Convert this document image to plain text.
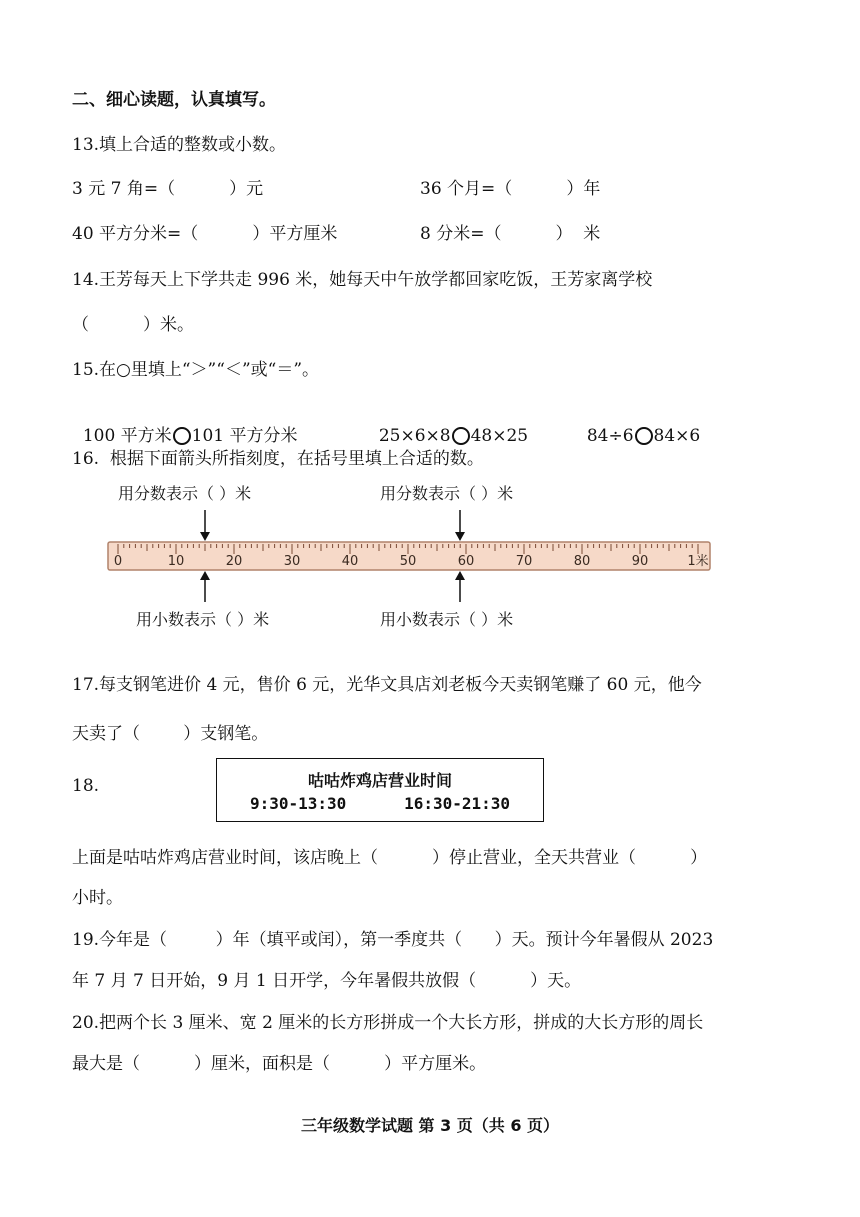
二、细心读题，认真填写。
13.填上合适的整数或小数。
3 元 7 角=（          ）元	36 个月=（          ）年
40 平方分米=（          ）平方厘米	8 分米=（          ）  米
14.王芳每天上下学共走 996 米，她每天中午放学都回家吃饭，王芳家离学校
（          ）米。
15.在○里填上“＞”“＜”或“＝”。

100 平方米 101 平方分米	25×6×8 48×25	84÷6 84×6

16.  根据下面箭头所指刻度，在括号里填上合适的数。
用分数表示（ ）米	用分数表示（ ）米
0	10	20	30	40	50	60	70	80	90	1米
用小数表示（ ）米	用小数表示（ ）米
17.每支钢笔进价 4 元，售价 6 元，光华文具店刘老板今天卖钢笔赚了 60 元，他今
天卖了（        ）支钢笔。
18.	咕咕炸鸡店营业时间
9:30-13:30      16:30-21:30
上面是咕咕炸鸡店营业时间，该店晚上（          ）停止营业，全天共营业（          ）
小时。
19.今年是（         ）年（填平或闰），第一季度共（      ）天。预计今年暑假从 2023
年 7 月 7 日开始，9 月 1 日开学，今年暑假共放假（          ）天。
20.把两个长 3 厘米、宽 2 厘米的长方形拼成一个大长方形，拼成的大长方形的周长
最大是（          ）厘米，面积是（          ）平方厘米。
三年级数学试题 第 3 页（共 6 页）
